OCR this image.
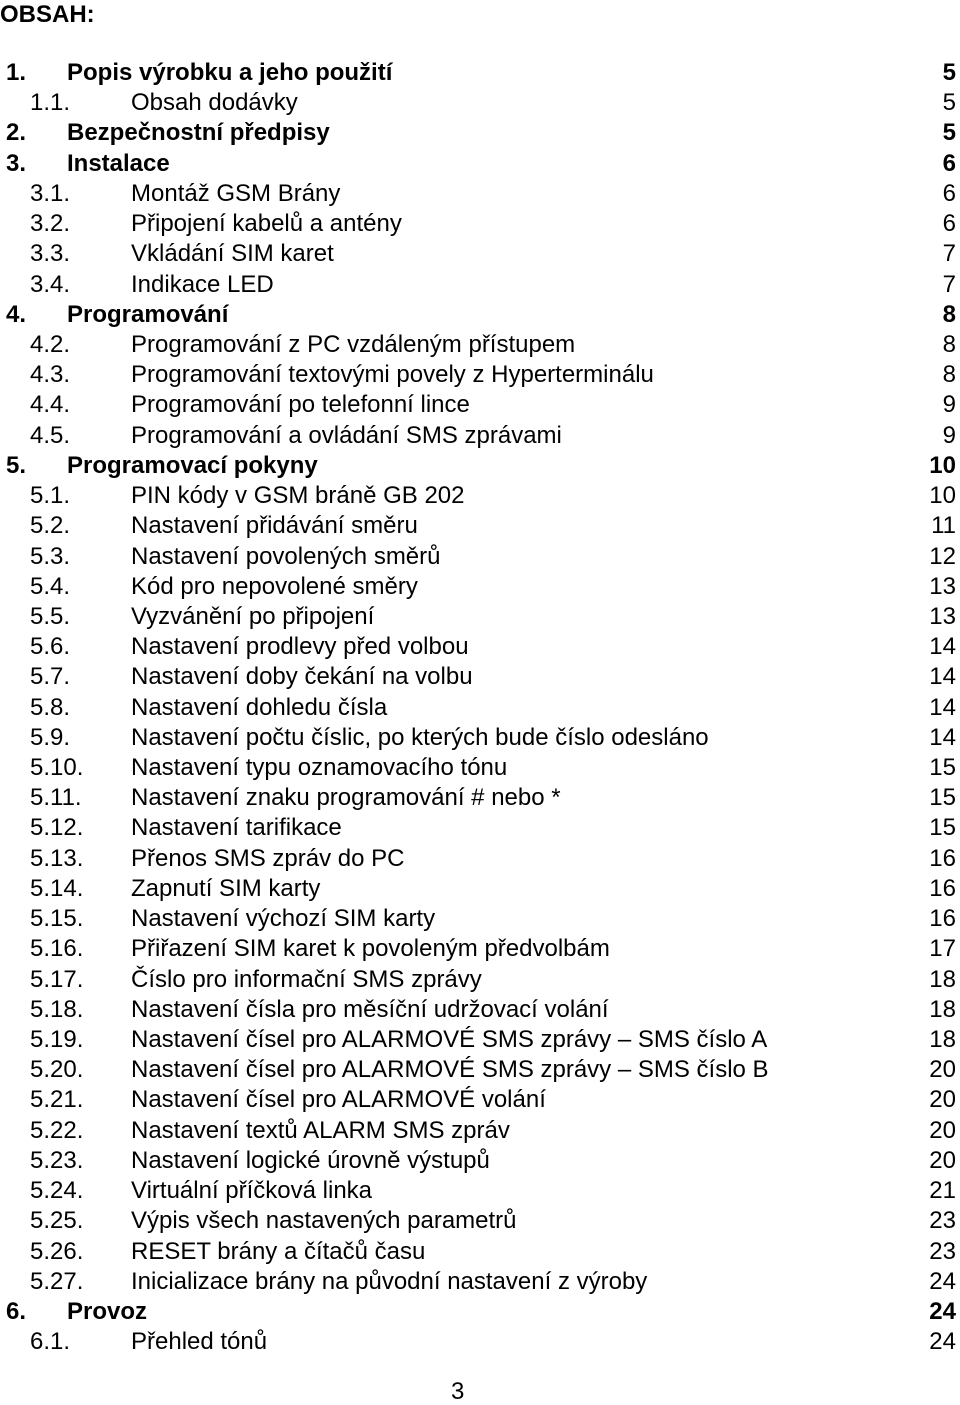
OBSAH:
1. Popis výrobku a jeho použití	5
1.1.	Obsah dodávky	5
2. Bezpečnostní předpisy	5
3. Instalace	6
3.1.	Montáž GSM Brány	6
3.2.	Připojení kabelů a antény	6
3.3.	Vkládání SIM karet	7
3.4.	Indikace LED	7
4. Programování	8
4.2.	Programování z PC vzdáleným přístupem	8
4.3.	Programování textovými povely z Hyperterminálu	8
4.4.	Programování po telefonní lince	9
4.5.	Programování a ovládání SMS zprávami	9
5. Programovací pokyny	10
5.1.	PIN kódy v GSM bráně GB 202	10
5.2.	Nastavení přidávání směru	11
5.3.	Nastavení povolených směrů	12
5.4.	Kód pro nepovolené směry	13
5.5.	Vyzvánění po připojení	13
5.6.	Nastavení prodlevy před volbou	14
5.7.	Nastavení doby čekání na volbu	14
5.8.	Nastavení dohledu čísla	14
5.9.	Nastavení počtu číslic, po kterých bude číslo odesláno	14
5.10. Nastavení typu oznamovacího tónu	15
5.11. Nastavení znaku programování # nebo *	15
5.12. Nastavení tarifikace	15
5.13. Přenos SMS zpráv do PC	16
5.14. Zapnutí SIM karty	16
5.15. Nastavení výchozí SIM karty	16
5.16. Přiřazení SIM karet k povoleným předvolbám	17
5.17. Číslo pro informační SMS zprávy	18
5.18. Nastavení čísla pro měsíční udržovací volání	18
5.19. Nastavení čísel pro ALARMOVÉ SMS zprávy – SMS číslo A	18
5.20. Nastavení čísel pro ALARMOVÉ SMS zprávy – SMS číslo B	20
5.21. Nastavení čísel pro ALARMOVÉ volání	20
5.22. Nastavení textů ALARM SMS zpráv	20
5.23. Nastavení logické úrovně výstupů	20
5.24. Virtuální příčková linka	21
5.25. Výpis všech nastavených parametrů	23
5.26. RESET brány a čítačů času	23
5.27. Inicializace brány na původní nastavení z výroby	24
6. Provoz	24
6.1.	Přehled tónů	24
3
